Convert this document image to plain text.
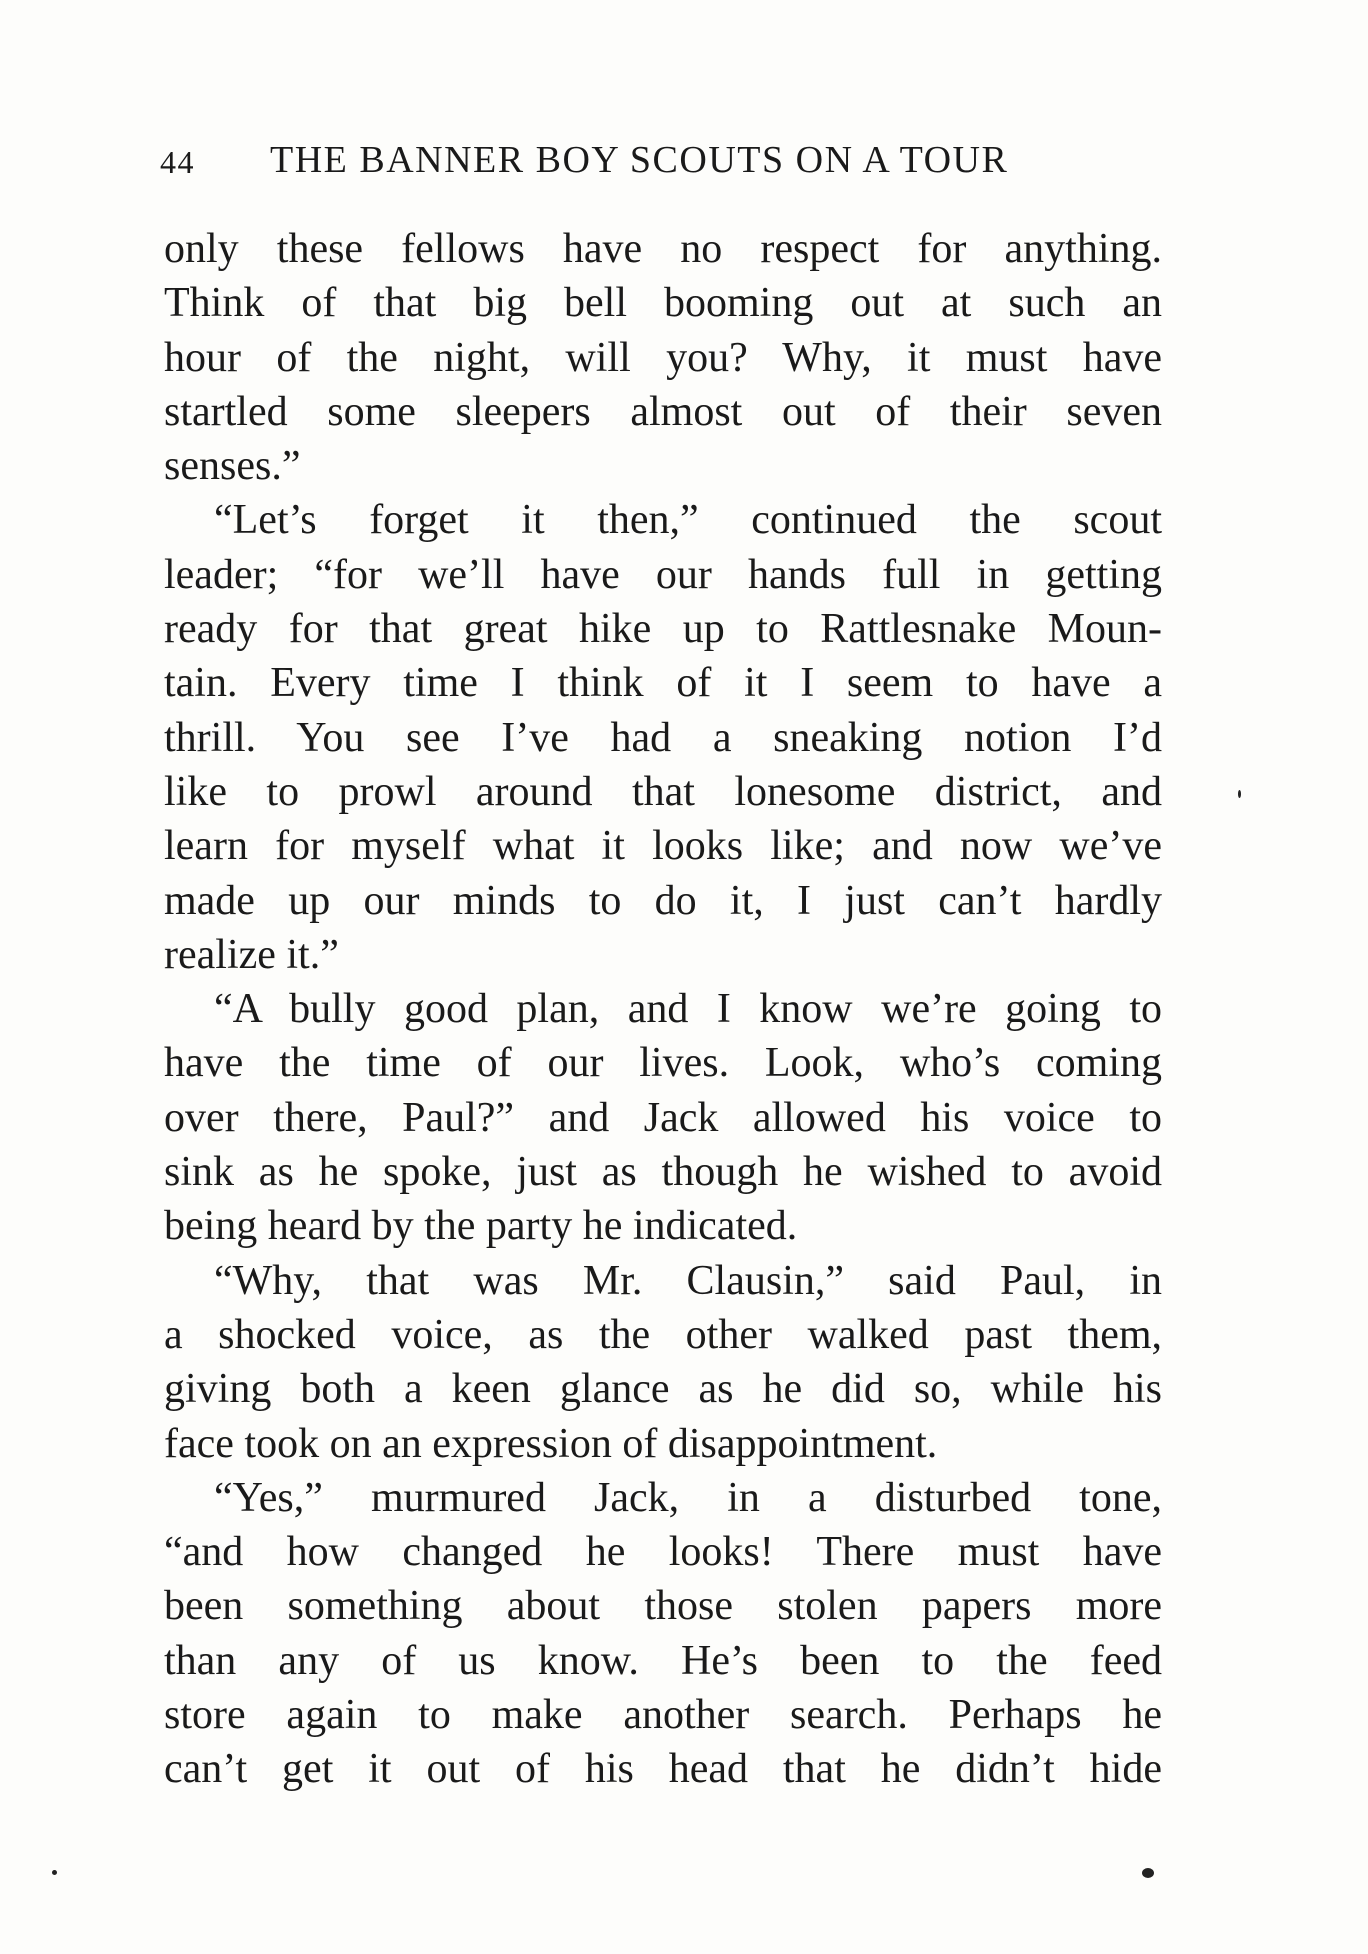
44 THE BANNER BOY SCOUTS ON A TOUR
only these fellows have no respect for anything.
Think of that big bell booming out at such an
hour of the night, will you? Why, it must have
startled some sleepers almost out of their seven
senses.”
“Let’s forget it then,” continued the scout
leader; “for we’ll have our hands full in getting
ready for that great hike up to Rattlesnake Moun-
tain. Every time I think of it I seem to have a
thrill. You see I’ve had a sneaking notion I’d
like to prowl around that lonesome district, and
learn for myself what it looks like; and now we’ve
made up our minds to do it, I just can’t hardly
realize it.”
“A bully good plan, and I know we’re going to
have the time of our lives. Look, who’s coming
over there, Paul?” and Jack allowed his voice to
sink as he spoke, just as though he wished to avoid
being heard by the party he indicated.
“Why, that was Mr. Clausin,” said Paul, in
a shocked voice, as the other walked past them,
giving both a keen glance as he did so, while his
face took on an expression of disappointment.
“Yes,” murmured Jack, in a disturbed tone,
“and how changed he looks! There must have
been something about those stolen papers more
than any of us know. He’s been to the feed
store again to make another search. Perhaps he
can’t get it out of his head that he didn’t hide
